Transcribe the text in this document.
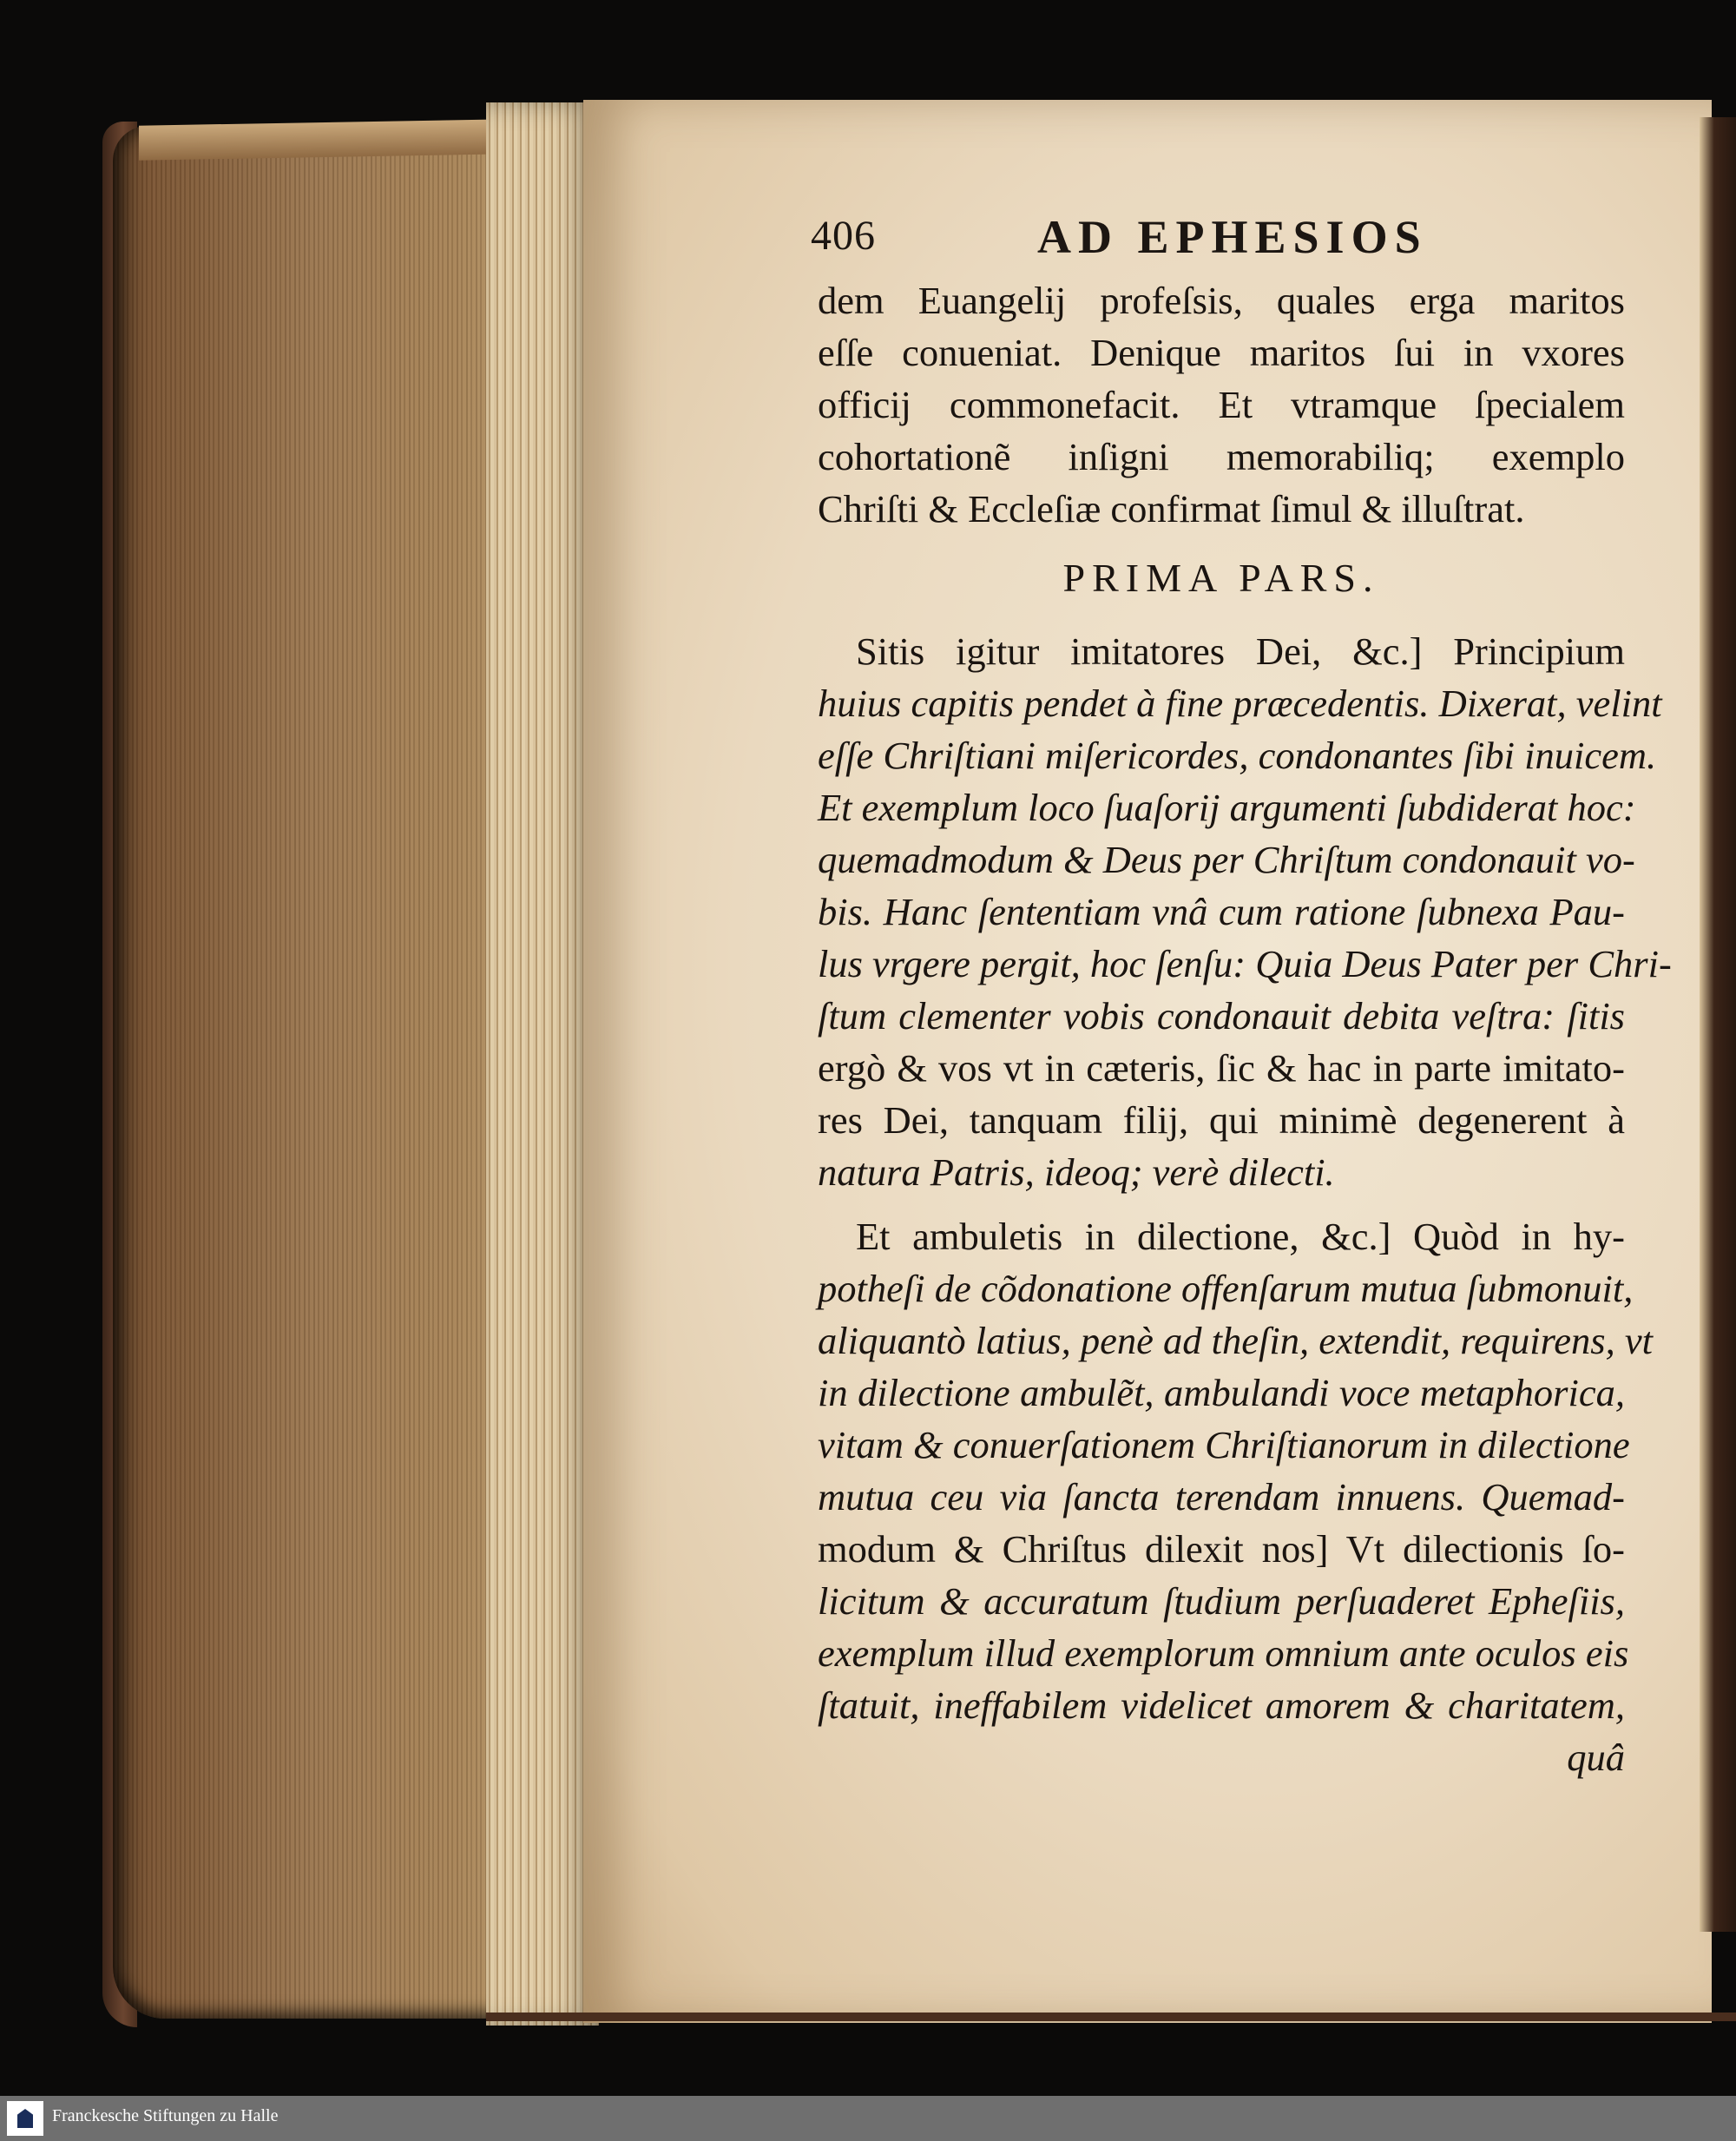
406	AD EPHESIOS
dem Euangelij profeſsis, quales erga maritos
eſſe conueniat. Denique maritos ſui in vxores
officij commonefacit. Et vtramque ſpecialem
cohortationẽ inſigni memorabiliq; exemplo
Chriſti & Eccleſiæ confirmat ſimul & illuſtrat.
PRIMA PARS.
Sitis igitur imitatores Dei, &c.] Principium
huius capitis pendet à fine præcedentis. Dixerat, velint
eſſe Chriſtiani miſericordes, condonantes ſibi inuicem.
Et exemplum loco ſuaſorij argumenti ſubdiderat hoc:
quemadmodum & Deus per Chriſtum condonauit vo-
bis. Hanc ſententiam vnâ cum ratione ſubnexa Pau-
lus vrgere pergit, hoc ſenſu: Quia Deus Pater per Chri-
ſtum clementer vobis condonauit debita veſtra: ſitis
ergò & vos vt in cæteris, ſic & hac in parte imitato-
res Dei, tanquam filij, qui minimè degenerent à
natura Patris, ideoq; verè dilecti.
Et ambuletis in dilectione, &c.] Quòd in hy-
potheſi de cõdonatione offenſarum mutua ſubmonuit,
aliquantò latius, penè ad theſin, extendit, requirens, vt
in dilectione ambulẽt, ambulandi voce metaphorica,
vitam & conuerſationem Chriſtianorum in dilectione
mutua ceu via ſancta terendam innuens. Quemad-
modum & Chriſtus dilexit nos] Vt dilectionis ſo-
licitum & accuratum ſtudium perſuaderet Epheſiis,
exemplum illud exemplorum omnium ante oculos eis
ſtatuit, ineffabilem videlicet amorem & charitatem,
quâ
Franckesche Stiftungen zu Halle
